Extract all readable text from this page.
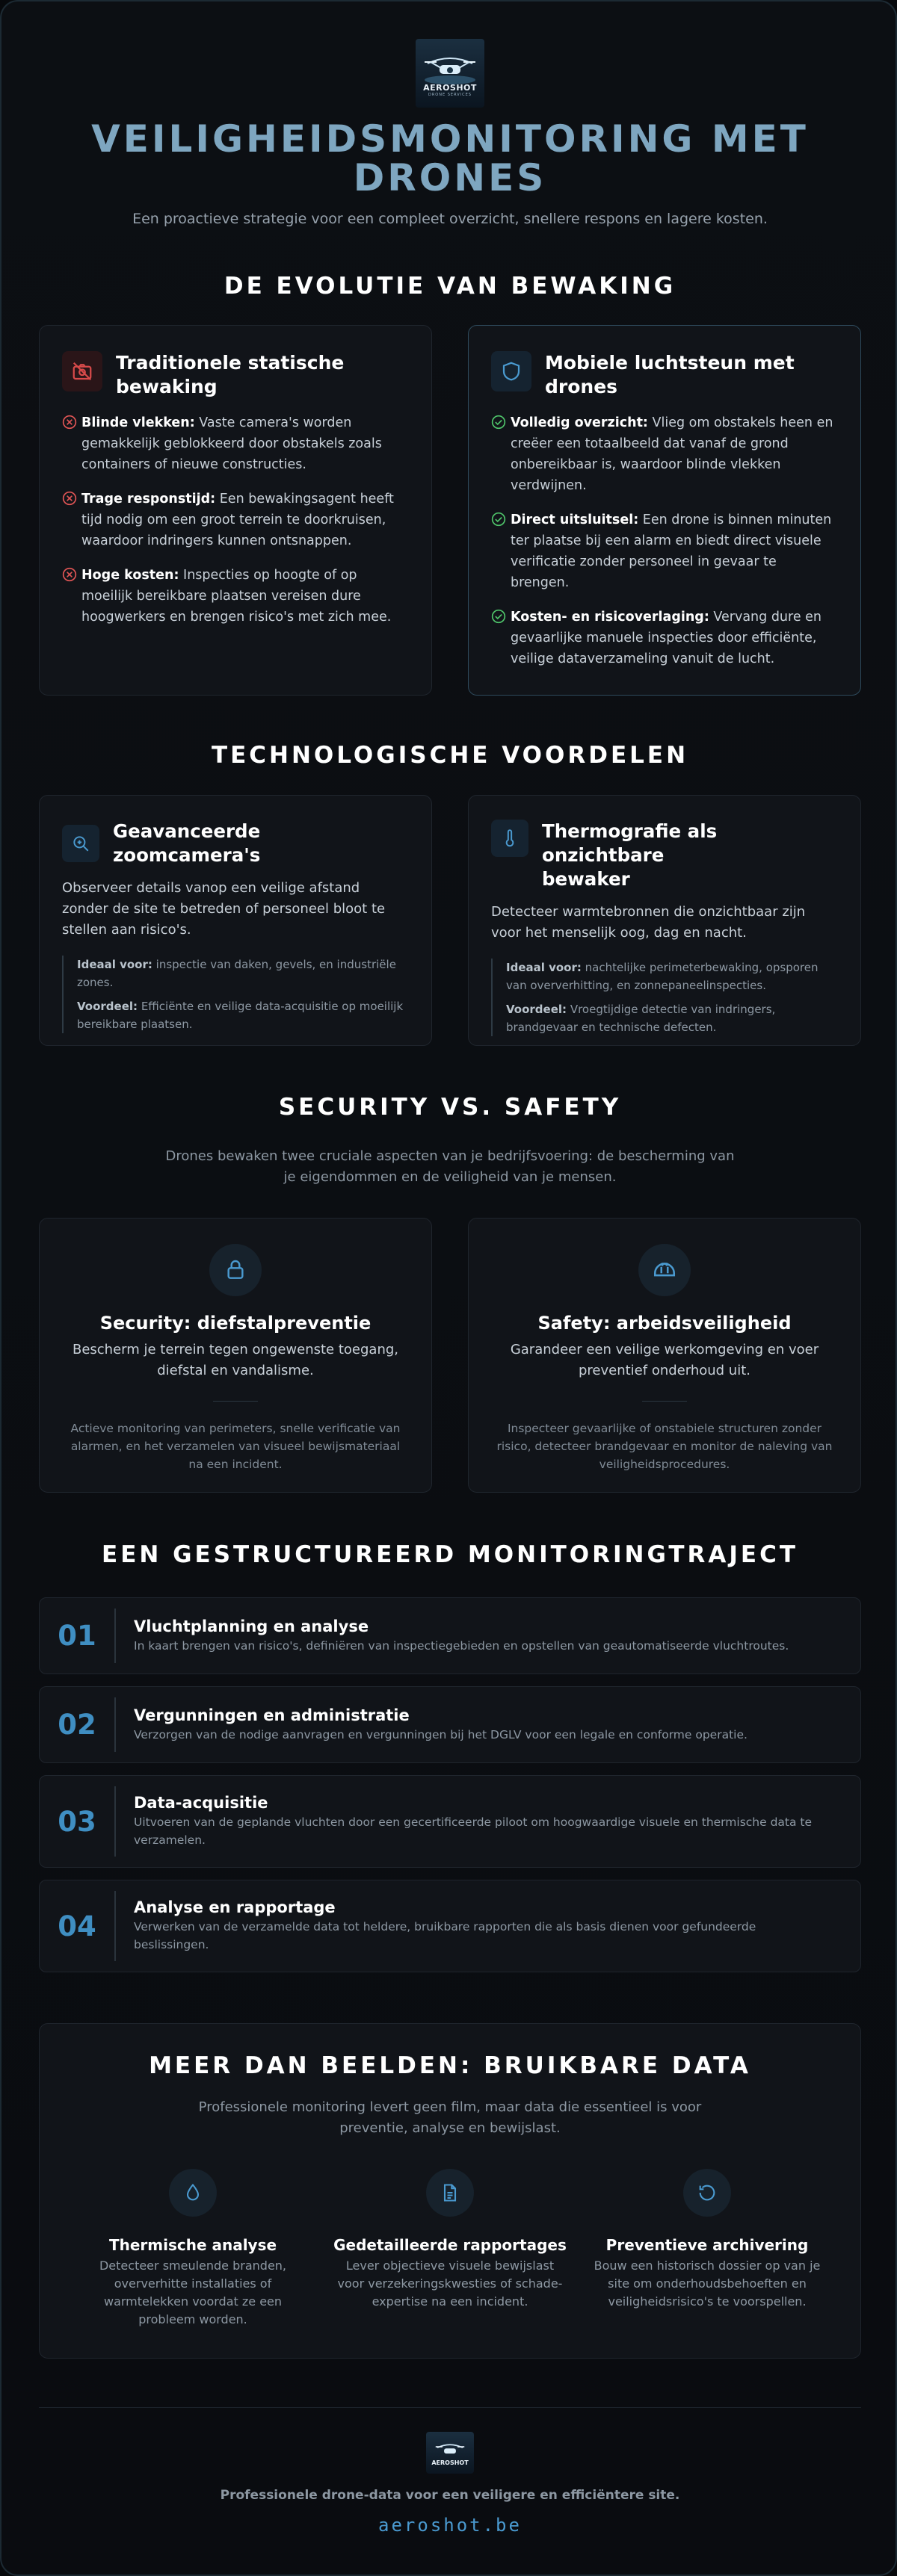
AEROSHOT
DRONE SERVICES
VEILIGHEIDSMONITORING MET
DRONES
Een proactieve strategie voor een compleet overzicht, snellere respons en lagere kosten.
DE EVOLUTIE VAN BEWAKING
Traditionele statische
bewaking

Blinde vlekken: Vaste camera's worden gemakkelijk geblokkeerd door obstakels zoals containers of nieuwe constructies.

Trage responstijd: Een bewakingsagent heeft tijd nodig om een groot terrein te doorkruisen, waardoor indringers kunnen ontsnappen.

Hoge kosten: Inspecties op hoogte of op moeilijk bereikbare plaatsen vereisen dure hoogwerkers en brengen risico's met zich mee.

Mobiele luchtsteun met
drones

Volledig overzicht: Vlieg om obstakels heen en creëer een totaalbeeld dat vanaf de grond onbereikbaar is, waardoor blinde vlekken verdwijnen.

Direct uitsluitsel: Een drone is binnen minuten ter plaatse bij een alarm en biedt direct visuele verificatie zonder personeel in gevaar te brengen.

Kosten- en risicoverlaging: Vervang dure en gevaarlijke manuele inspecties door efficiënte, veilige dataverzameling vanuit de lucht.

TECHNOLOGISCHE VOORDELEN
Geavanceerde zoomcamera's
Observeer details vanop een veilige afstand zonder de site te betreden of personeel bloot te stellen aan risico's.

Ideaal voor: inspectie van daken, gevels, en industriële zones.

Voordeel: Efficiënte en veilige data-acquisitie op moeilijk bereikbare plaatsen.

Thermografie als onzichtbare
bewaker
Detecteer warmtebronnen die onzichtbaar zijn voor het menselijk oog, dag en nacht.

Ideaal voor: nachtelijke perimeterbewaking, opsporen van oververhitting, en zonnepaneelinspecties.

Voordeel: Vroegtijdige detectie van indringers, brandgevaar en technische defecten.

SECURITY VS. SAFETY
Drones bewaken twee cruciale aspecten van je bedrijfsvoering: de bescherming van
je eigendommen en de veiligheid van je mensen.
Security: diefstalpreventie
Bescherm je terrein tegen ongewenste toegang,
diefstal en vandalisme.
Actieve monitoring van perimeters, snelle verificatie van
alarmen, en het verzamelen van visueel bewijsmateriaal
na een incident.
Safety: arbeidsveiligheid
Garandeer een veilige werkomgeving en voer
preventief onderhoud uit.
Inspecteer gevaarlijke of onstabiele structuren zonder
risico, detecteer brandgevaar en monitor de naleving van
veiligheidsprocedures.
EEN GESTRUCTUREERD MONITORINGTRAJECT
01	Vluchtplanning en analyse

In kaart brengen van risico's, definiëren van inspectiegebieden en opstellen van geautomatiseerde vluchtroutes.

02	Vergunningen en administratie

Verzorgen van de nodige aanvragen en vergunningen bij het DGLV voor een legale en conforme operatie.

03
Data-acquisitie

Uitvoeren van de geplande vluchten door een gecertificeerde piloot om hoogwaardige visuele en thermische data te
verzamelen.

04
Analyse en rapportage

Verwerken van de verzamelde data tot heldere, bruikbare rapporten die als basis dienen voor gefundeerde
beslissingen.

MEER DAN BEELDEN: BRUIKBARE DATA
Professionele monitoring levert geen film, maar data die essentieel is voor
preventie, analyse en bewijslast.
Thermische analyse

Detecteer smeulende branden,
oververhitte installaties of
warmtelekken voordat ze een
probleem worden.

Gedetailleerde rapportages

Lever objectieve visuele bewijslast
voor verzekeringskwesties of schade-
expertise na een incident.

Preventieve archivering

Bouw een historisch dossier op van je
site om onderhoudsbehoeften en
veiligheidsrisico's te voorspellen.

AEROSHOT
Professionele drone-data voor een veiligere en efficiëntere site.
aeroshot.be
